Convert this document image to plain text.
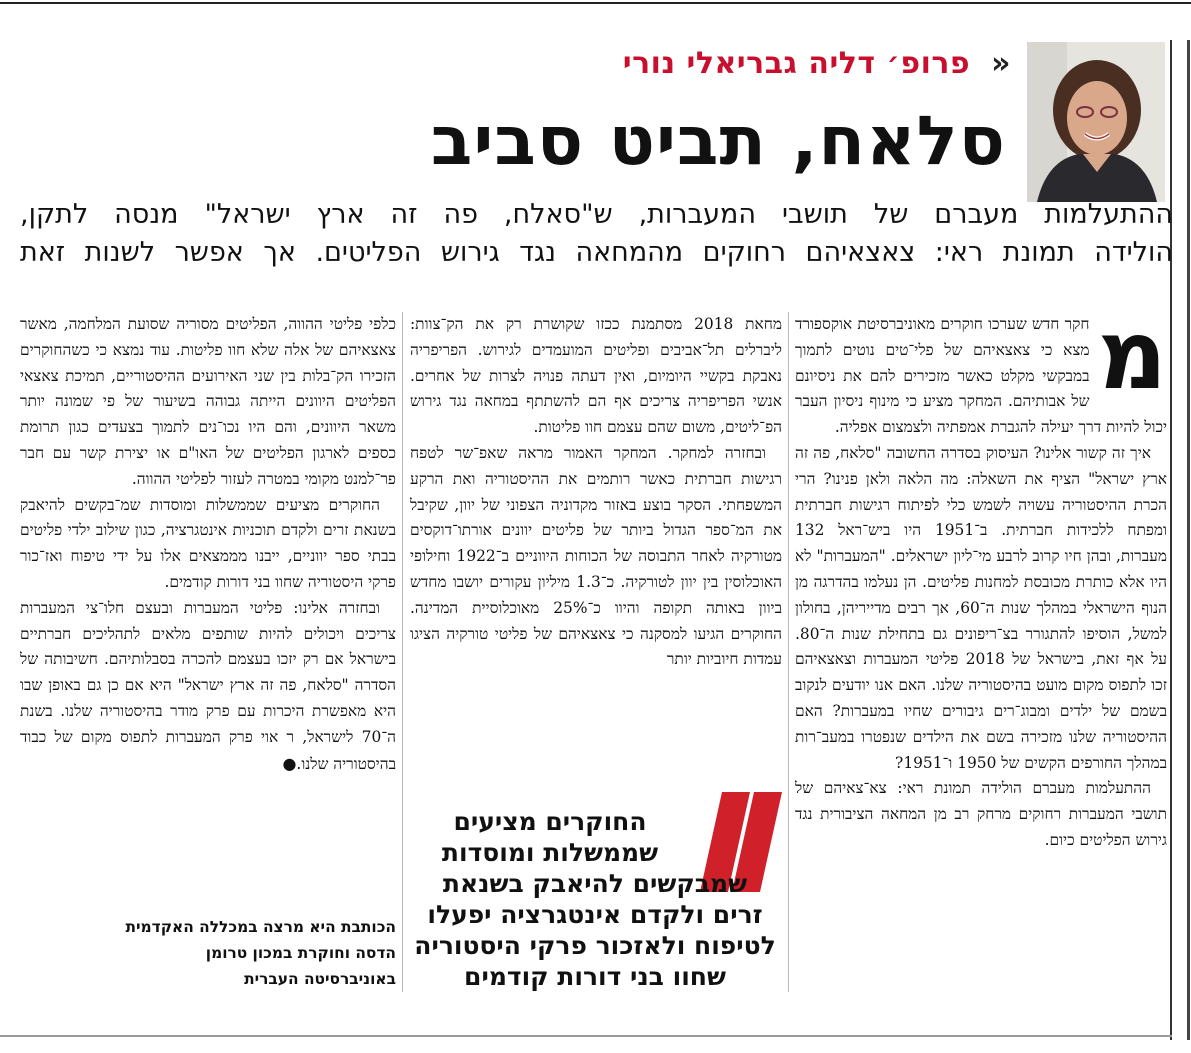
« פרופ׳ דליה גבריאלי נורי
סלאח, תביט סביב
ההתעלמות מעברם של תושבי המעברות, ש"סאלח, פה זה ארץ ישראל" מנסה לתקן,
הולידה תמונת ראי: צאצאיהם רחוקים מהמחאה נגד גירוש הפליטים. אך אפשר לשנות זאת
מ

חקר חדש שערכו חוקרים מאוניברסיטת אוקספורד מצא כי צאצאיהם של פלי־טים נוטים לתמוך במבקשי מקלט כאשר מזכירים להם את ניסיונם של אבותיהם. המחקר מציע כי מינוף ניסיון העבר יכול להיות דרך יעילה להגברת אמפתיה ולצמצום אפליה.

איך זה קשור אלינו? העיסוק בסדרה החשובה "סלאח, פה זה ארץ ישראל" הציף את השאלה: מה הלאה ולאן פנינו? הרי הכרת ההיסטוריה עשויה לשמש כלי לפיתוח רגישות חברתית ומפתח ללכידות חברתית. ב־1951 היו ביש־ראל 132 מעברות, ובהן חיו קרוב לרבע מי־ליון ישראלים. "המעברות" לא היו אלא כותרת מכובסת למחנות פליטים. הן נעלמו בהדרגה מן הנוף הישראלי במהלך שנות ה־60, אך רבים מדייריהן, בחולון למשל, הוסיפו להתגורר בצ־ריפונים גם בתחילת שנות ה־80. על אף זאת, בישראל של 2018 פליטי המעברות וצאצאיהם זכו לתפוס מקום מועט בהיסטוריה שלנו. האם אנו יודעים לנקוב בשמם של ילדים ומבוג־רים גיבורים שחיו במעברות? האם ההיסטוריה שלנו מזכירה בשם את הילדים שנפטרו במעב־רות במהלך החורפים הקשים של 1950 ו־1951?

ההתעלמות מעברם הולידה תמונת ראי: צא־צאיהם של תושבי המעברות רחוקים מרחק רב מן המחאה הציבורית נגד גירוש הפליטים כיום.

מחאת 2018 מסתמנת ככזו שקושרת רק את הק־צוות: ליברלים תל־אביבים ופליטים המועמדים לגירוש. הפריפריה נאבקת בקשיי היומיום, ואין דעתה פנויה לצרות של אחרים. אנשי הפריפריה צריכים אף הם להשתתף במחאה נגד גירוש הפ־ליטים, משום שהם עצמם חוו פליטות.

ובחזרה למחקר. המחקר האמור מראה שאפ־שר לטפח רגישות חברתית כאשר רותמים את ההיסטוריה ואת הרקע המשפחתי. הסקר בוצע באזור מקדוניה הצפוני של יוון, שקיבל את המ־ספר הגדול ביותר של פליטים יוונים אורתו־דוקסים מטורקיה לאחר התבוסה של הכוחות היווניים ב־1922 וחילופי האוכלוסין בין יוון לטורקיה. כ־1.3 מיליון עקורים יושבו מחדש ביוון באותה תקופה והיוו כ־25% מאוכלוסיית המדינה. החוקרים הגיעו למסקנה כי צאצאיהם של פליטי טורקיה הציגו עמדות חיוביות יותר

החוקרים מציעים
שממשלות ומוסדות
שמבקשים להיאבק בשנאת
זרים ולקדם אינטגרציה יפעלו
לטיפוח ולאזכור פרקי היסטוריה
שחוו בני דורות קודמים

כלפי פליטי ההווה, הפליטים מסוריה שסועת המלחמה, מאשר צאצאיהם של אלה שלא חוו פליטות. עוד נמצא כי כשהחוקרים הזכירו הק־בלות בין שני האירועים ההיסטוריים, תמיכת צאצאי הפליטים היוונים הייתה גבוהה בשיעור של פי שמונה יותר משאר היוונים, והם היו נכו־נים לתמוך בצעדים כגון תרומת כספים לארגון הפליטים של האו"ם או יצירת קשר עם חבר פר־למנט מקומי במטרה לעזור לפליטי ההווה.

החוקרים מציעים שממשלות ומוסדות שמ־בקשים להיאבק בשנאת זרים ולקדם תוכניות אינטגרציה, כגון שילוב ילדי פליטים בבתי ספר יווניים, ייבנו מממצאים אלו על ידי טיפוח ואז־כור פרקי היסטוריה שחוו בני דורות קודמים.

ובחזרה אלינו: פליטי המעברות ובעצם חלו־צי המעברות צריכים ויכולים להיות שותפים מלאים לתהליכים חברתיים בישראל אם רק יזכו בעצמם להכרה בסבלותיהם. חשיבותה של הסדרה "סלאח, פה זה ארץ ישראל" היא אם כן גם באופן שבו היא מאפשרת היכרות עם פרק מודר בהיסטוריה שלנו. בשנת ה־70 לישראל, ר אוי פרק המעברות לתפוס מקום של כבוד בהיסטוריה שלנו.●

הכותבת היא מרצה במכללה האקדמית
הדסה וחוקרת במכון טרומן
באוניברסיטה העברית
